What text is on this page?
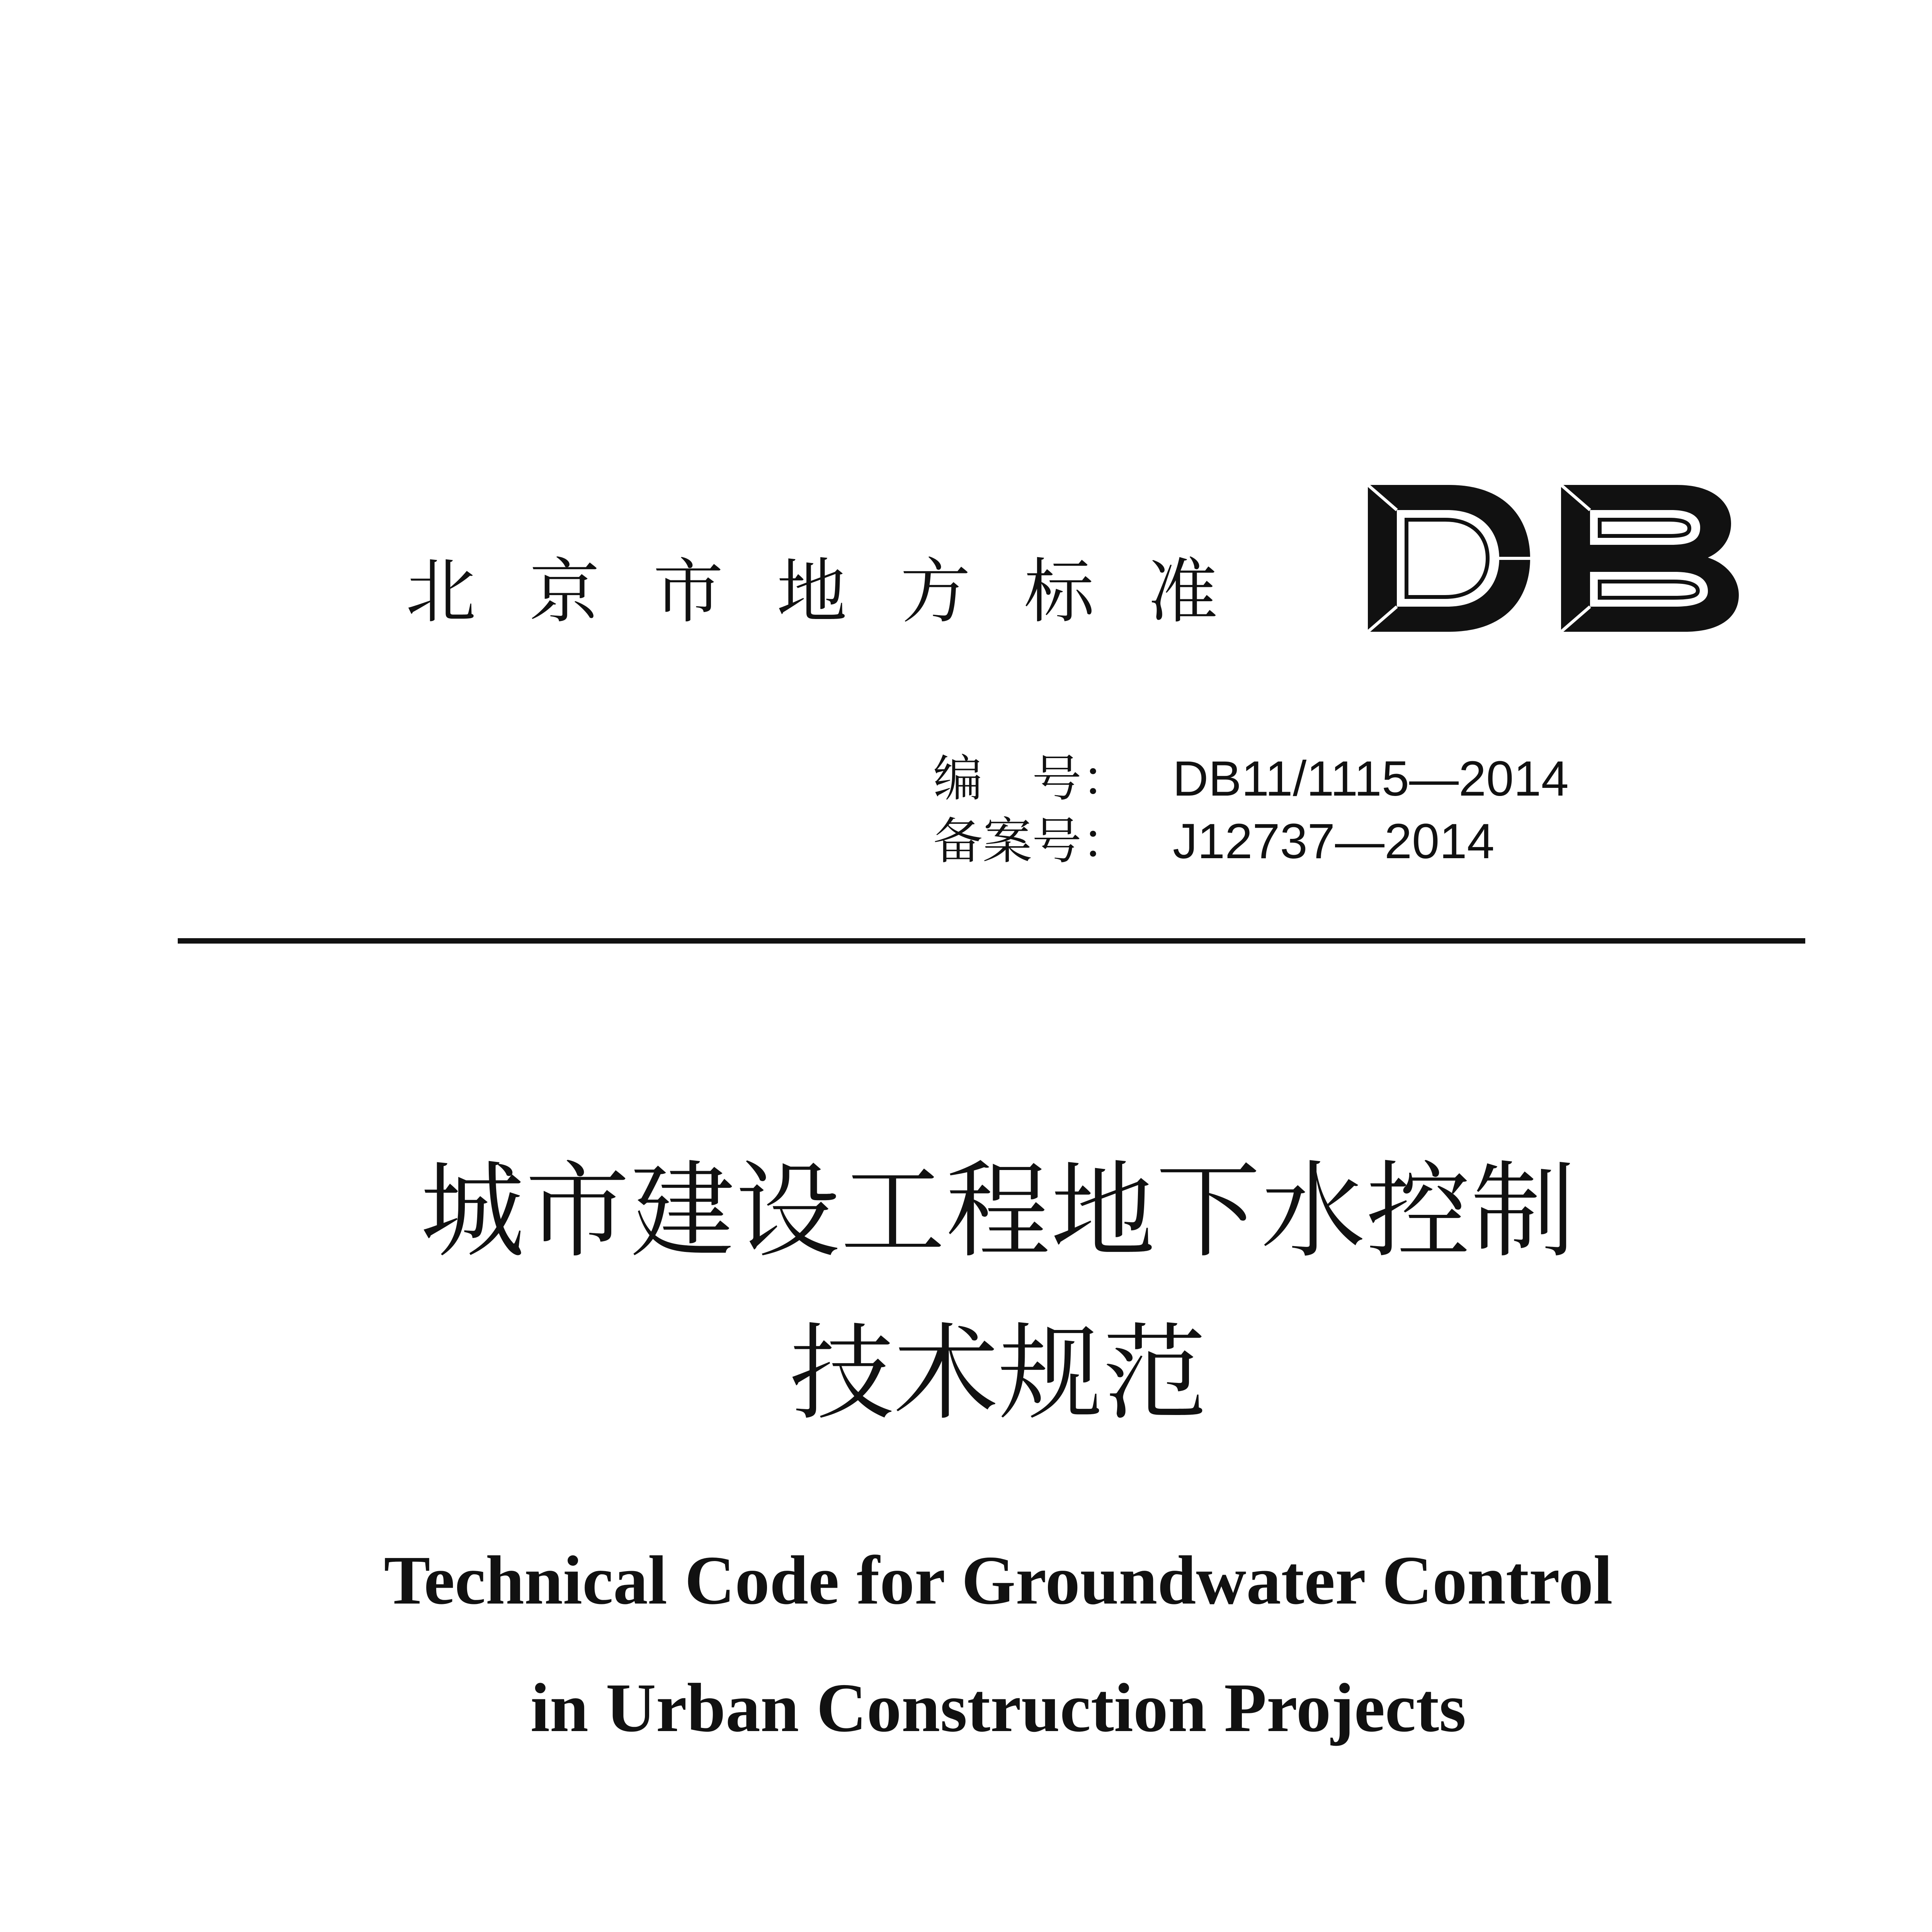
北京市地方标准
编　号： DB11/1115—2014
备案号： J12737—2014
城市建设工程地下水控制
技术规范
Technical Code for Groundwater Control
in Urban Construction Projects
